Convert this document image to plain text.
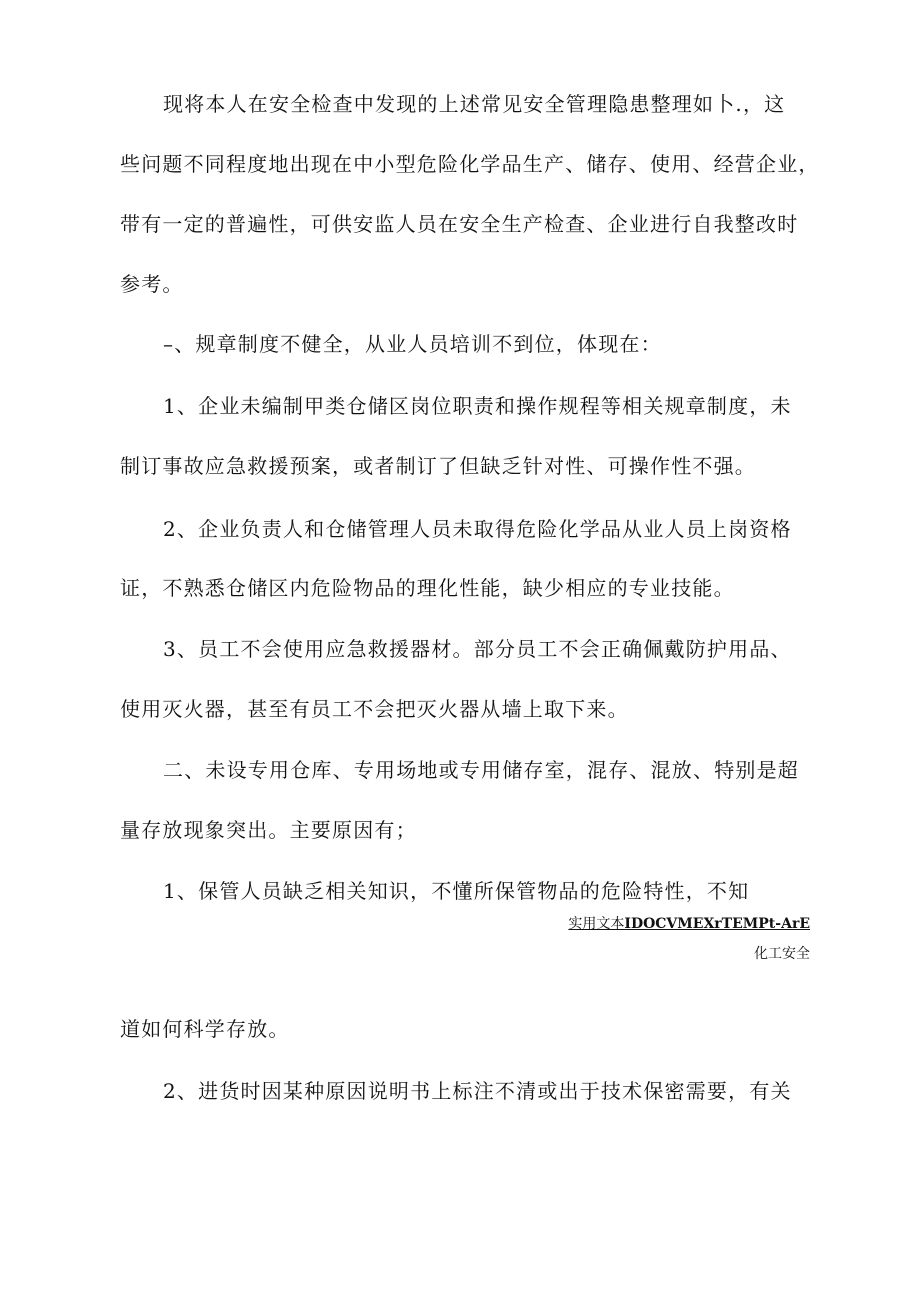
现将本人在安全检查中发现的上述常见安全管理隐患整理如卜.，这
些问题不同程度地出现在中小型危险化学品生产、储存、使用、经营企业，
带有一定的普遍性，可供安监人员在安全生产检查、企业进行自我整改时
参考。
–、规章制度不健全，从业人员培训不到位，体现在：
1、企业未编制甲类仓储区岗位职责和操作规程等相关规章制度，未
制订事故应急救援预案，或者制订了但缺乏针对性、可操作性不强。
2、企业负责人和仓储管理人员未取得危险化学品从业人员上岗资格
证，不熟悉仓储区内危险物品的理化性能，缺少相应的专业技能。
3、员工不会使用应急救援器材。部分员工不会正确佩戴防护用品、
使用灭火器，甚至有员工不会把灭火器从墙上取下来。
二、未设专用仓库、专用场地或专用储存室，混存、混放、特别是超
量存放现象突出。主要原因有；
1、保管人员缺乏相关知识，不懂所保管物品的危险特性，不知
实用文本IDOCVMEXrTEMPt-ArE
化工安全
道如何科学存放。
2、进货时因某种原因说明书上标注不清或出于技术保密需要，有关
